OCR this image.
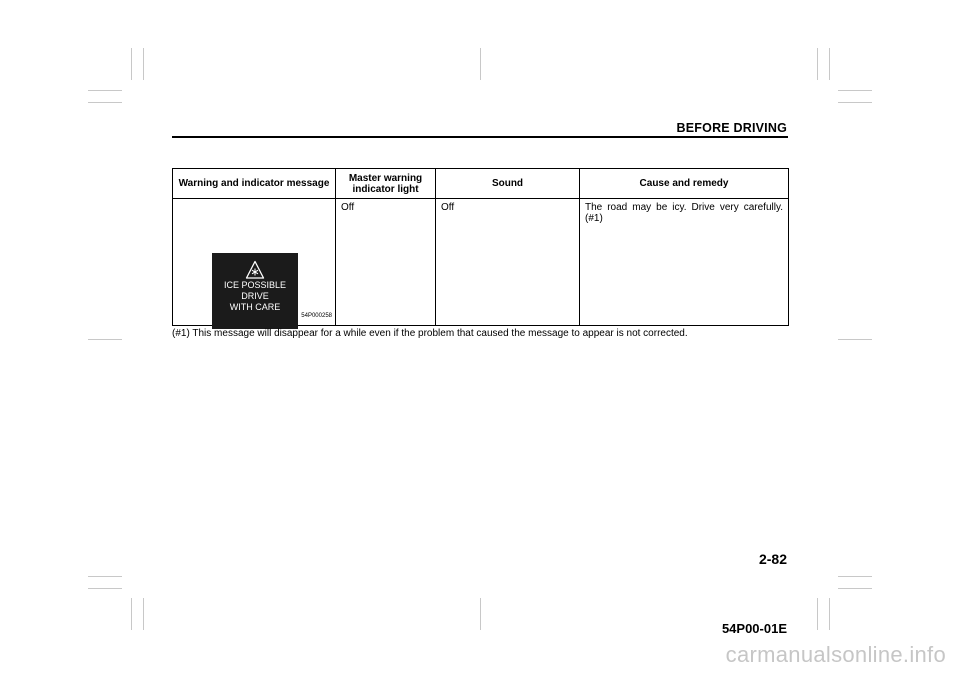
BEFORE DRIVING
Warning and indicator message	Master warning indicator light	Sound	Cause and remedy

ICE POSSIBLE
DRIVE
WITH CARE
54P000258	Off	Off	The road may be icy. Drive very carefully. (#1)
(#1) This message will disappear for a while even if the problem that caused the message to appear is not corrected.
2-82
54P00-01E
carmanualsonline.info
